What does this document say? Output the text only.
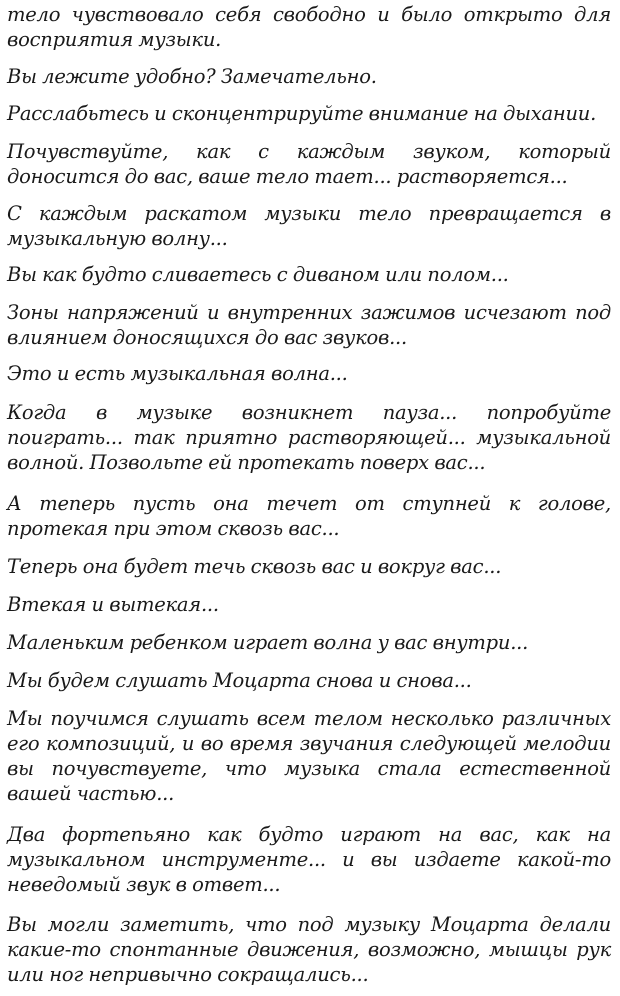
тело чувствовало себя свободно и было открыто для восприятия музыки.

Вы лежите удобно? Замечательно.

Расслабьтесь и сконцентрируйте внимание на дыхании.

Почувствуйте, как с каждым звуком, который доносится до вас, ваше тело тает... растворяется...

С каждым раскатом музыки тело превращается в музыкальную волну...

Вы как будто сливаетесь с диваном или полом...

Зоны напряжений и внутренних зажимов исчезают под влиянием доносящихся до вас звуков...

Это и есть музыкальная волна...

Когда в музыке возникнет пауза... попробуйте поиграть... так приятно растворяющей... музыкальной волной. Позвольте ей протекать поверх вас...

А теперь пусть она течет от ступней к голове, протекая при этом сквозь вас...

Теперь она будет течь сквозь вас и вокруг вас...

Втекая и вытекая...

Маленьким ребенком играет волна у вас внутри...

Мы будем слушать Моцарта снова и снова...

Мы поучимся слушать всем телом несколько различных его композиций, и во время звучания следующей мелодии вы почувствуете, что музыка стала естественной вашей частью...

Два фортепьяно как будто играют на вас, как на музыкальном инструменте... и вы издаете какой-то неведомый звук в ответ...

Вы могли заметить, что под музыку Моцарта делали какие-то спонтанные движения, возможно, мышцы рук или ног непривычно сокращались...
